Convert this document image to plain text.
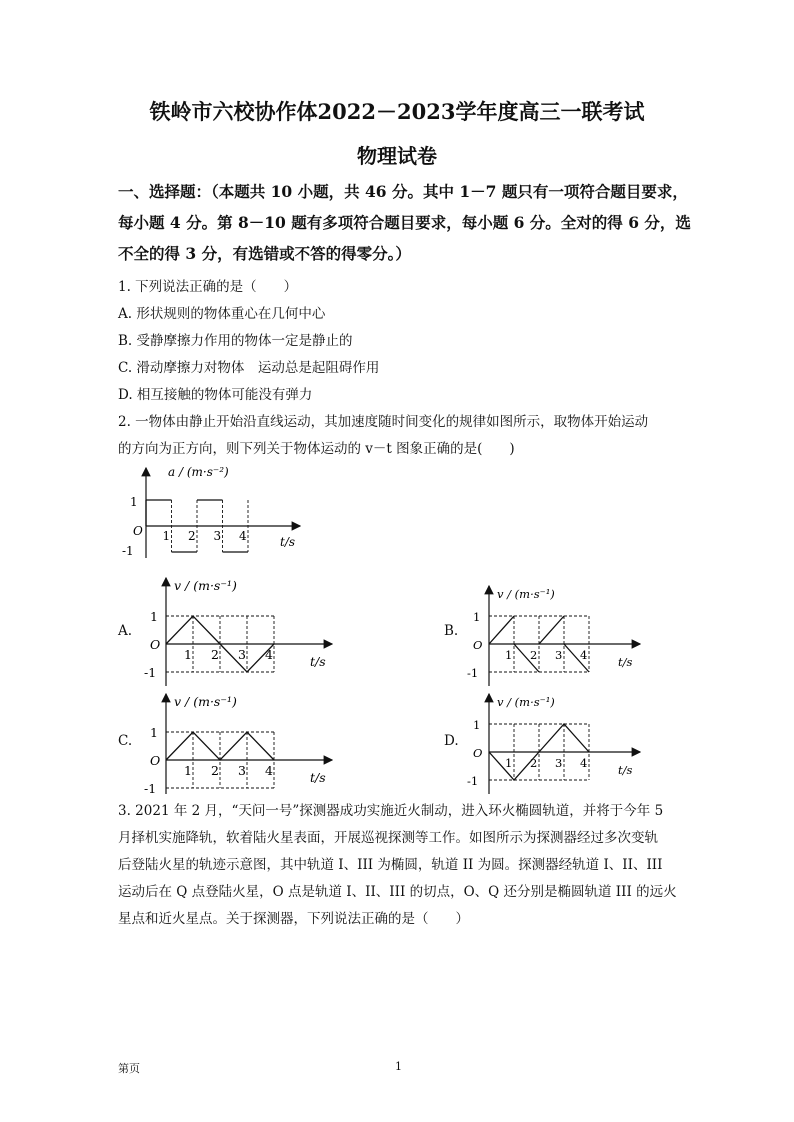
铁岭市六校协作体2022－2023学年度高三一联考试
物理试卷
一、选择题：（本题共 10 小题，共 46 分。其中 1－7 题只有一项符合题目要求，
每小题 4 分。第 8－10 题有多项符合题目要求，每小题 6 分。全对的得 6 分，选
不全的得 3 分，有选错或不答的得零分。）
1. 下列说法正确的是（　　）
A. 形状规则的物体重心在几何中心
B. 受静摩擦力作用的物体一定是静止的
C. 滑动摩擦力对物体　运动总是起阻碍作用
D. 相互接触的物体可能没有弹力
2. 一物体由静止开始沿直线运动，其加速度随时间变化的规律如图所示，取物体开始运动
的方向为正方向，则下列关于物体运动的 v－t 图象正确的是(　　)
a / (m·s⁻²)
O
1
-1
t/s
1 2 3 4
A.	B.
C.	D.
v / (m·s⁻¹)
O
1
-1
1 2 3 4	t/s
v / (m·s⁻¹)
O
1
-1
1 2 3 4	t/s
v / (m·s⁻¹)
O
1
-1
1 2 3 4	t/s
v / (m·s⁻¹)
O
1
-1
1 2 3 4	t/s
3. 2021 年 2 月，“天问一号”探测器成功实施近火制动，进入环火椭圆轨道，并将于今年 5
月择机实施降轨，软着陆火星表面，开展巡视探测等工作。如图所示为探测器经过多次变轨
后登陆火星的轨迹示意图，其中轨道 I、III 为椭圆，轨道 II 为圆。探测器经轨道 I、II、III
运动后在 Q 点登陆火星，O 点是轨道 I、II、III 的切点，O、Q 还分别是椭圆轨道 III 的远火
星点和近火星点。关于探测器，下列说法正确的是（　　）
第页	1
